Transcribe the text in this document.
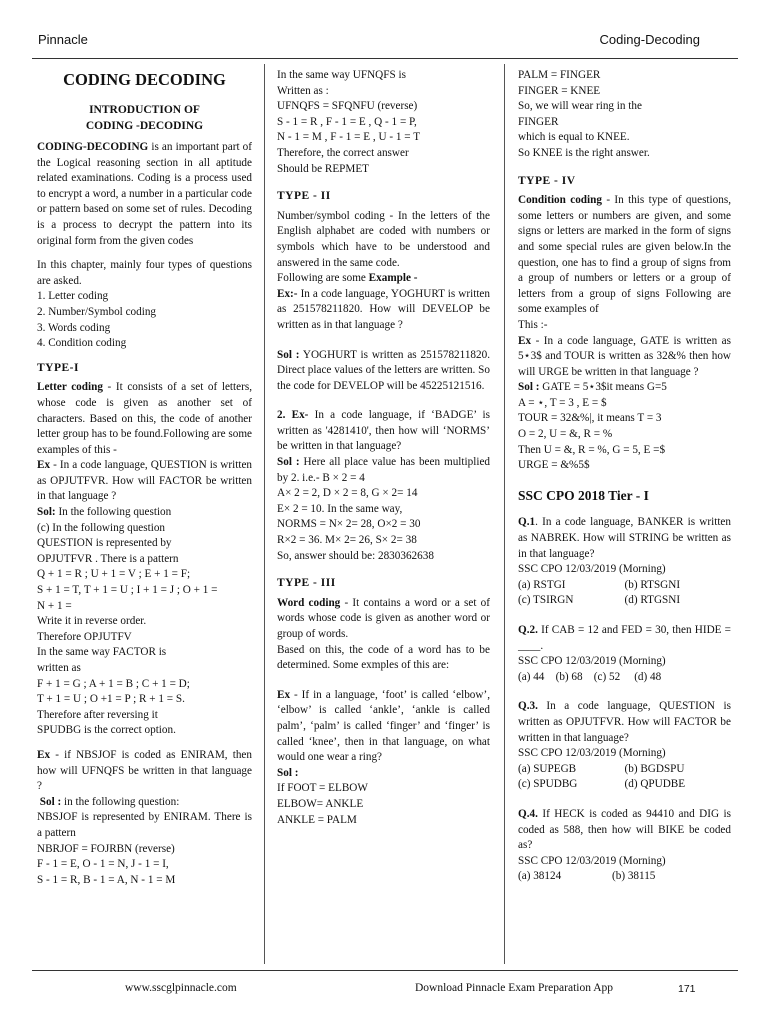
Pinnacle	Coding-Decoding
CODING DECODING
INTRODUCTION OF
CODING -DECODING

CODING-DECODING is an important part of the Logical reasoning section in all aptitude related examinations. Coding is a process used to encrypt a word, a number in a particular code or pattern based on some set of rules. Decoding is a process to decrypt the pattern into its original form from the given codes

In this chapter, mainly four types of questions are asked.

1. Letter coding

2. Number/Symbol coding

3. Words coding

4. Condition coding

TYPE-I

Letter coding - It consists of a set of letters, whose code is given as another set of characters. Based on this, the code of another letter group has to be found.Following are some examples of this -

Ex - In a code language, QUESTION is written as OPJUTFVR. How will FACTOR be written in that language ?

Sol: In the following question

(c) In the following question

QUESTION is represented by

OPJUTFVR . There is a pattern

Q + 1 = R ; U + 1 = V ; E + 1 = F;

S + 1 = T, T + 1 = U ; I + 1 = J ; O + 1 =

N + 1 =

Write it in reverse order.

Therefore OPJUTFV

In the same way FACTOR is

written as

F + 1 = G ; A + 1 = B ; C + 1 = D;

T + 1 = U ; O +1 = P ; R + 1 = S.

Therefore after reversing it

SPUDBG is the correct option.

Ex - if NBSJOF is coded as ENIRAM, then how will UFNQFS be written in that language ?

Sol : in the following question:

NBSJOF is represented by ENIRAM. There is a pattern

NBRJOF = FOJRBN (reverse)

F - 1 = E, O - 1 = N, J - 1 = I,

S - 1 = R, B - 1 = A, N - 1 = M

In the same way UFNQFS is

Written as :

UFNQFS = SFQNFU (reverse)

S - 1 = R , F - 1 = E , Q - 1 = P,

N - 1 = M , F - 1 = E , U - 1 = T

Therefore, the correct answer

Should be REPMET

TYPE - II

Number/symbol coding - In the letters of the English alphabet are coded with numbers or symbols which have to be understood and answered in the same code.

Following are some Example -

Ex:- In a code language, YOGHURT is written as 251578211820. How will DEVELOP be written as in that language ?

Sol : YOGHURT is written as 251578211820. Direct place values of the letters are written. So the code for DEVELOP will be 45225121516.

2. Ex- In a code language, if ‘BADGE’ is written as '4281410', then how will ‘NORMS’ be written in that language?

Sol : Here all place value has been multiplied by 2. i.e.- B × 2 = 4

A× 2 = 2, D × 2 = 8, G × 2= 14

E× 2 = 10. In the same way,

NORMS = N× 2= 28, O×2 = 30

R×2 = 36. M× 2= 26, S× 2= 38

So, answer should be: 2830362638

TYPE - III

Word coding - It contains a word or a set of words whose code is given as another word or group of words.

Based on this, the code of a word has to be determined. Some exmples of this are:

Ex - If in a language, ‘foot’ is called ‘elbow’, ‘elbow’ is called ‘ankle’, ‘ankle is called palm’, ‘palm’ is called ‘finger’ and ‘finger’ is called ‘knee’, then in that language, on what would one wear a ring?

Sol :

If FOOT = ELBOW

ELBOW= ANKLE

ANKLE = PALM

PALM = FINGER

FINGER = KNEE

So, we will wear ring in the

FINGER

which is equal to KNEE.

So KNEE is the right answer.

TYPE - IV

Condition coding - In this type of questions, some letters or numbers are given, and some signs or letters are marked in the form of signs and some special rules are given below.In the question, one has to find a group of signs from a group of numbers or letters or a group of letters from a group of signs Following are some examples of

This :-

Ex - In a code language, GATE is written as 5⋆3$ and TOUR is written as 32&% then how will URGE be written in that language ?

Sol : GATE = 5⋆3$it means G=5

A = ⋆, T = 3 , E = $

TOUR = 32&%|, it means T = 3

O = 2, U = &, R = %

Then U = &, R = %, G = 5, E =$

URGE = &%5$

SSC CPO 2018 Tier - I

Q.1. In a code language, BANKER is written as NABREK. How will STRING be written as in that language?

SSC CPO 12/03/2019 (Morning)

(a) RSTGI	(b) RTSGNI
(c) TSIRGN	(d) RTGSNI

Q.2. If CAB = 12 and FED = 30, then HIDE = ____.

SSC CPO 12/03/2019 (Morning)

(a) 44    (b) 68    (c) 52     (d) 48

Q.3. In a code language, QUESTION is written as OPJUTFVR. How will FACTOR be written in that language?

SSC CPO 12/03/2019 (Morning)

(a) SUPEGB	(b) BGDSPU
(c) SPUDBG	(d) QPUDBE

Q.4. If HECK is coded as 94410 and DIG is coded as 588, then how will BIKE be coded as?

SSC CPO 12/03/2019 (Morning)

(a) 38124	(b) 38115
www.sscglpinnacle.com	Download Pinnacle Exam Preparation App	171
